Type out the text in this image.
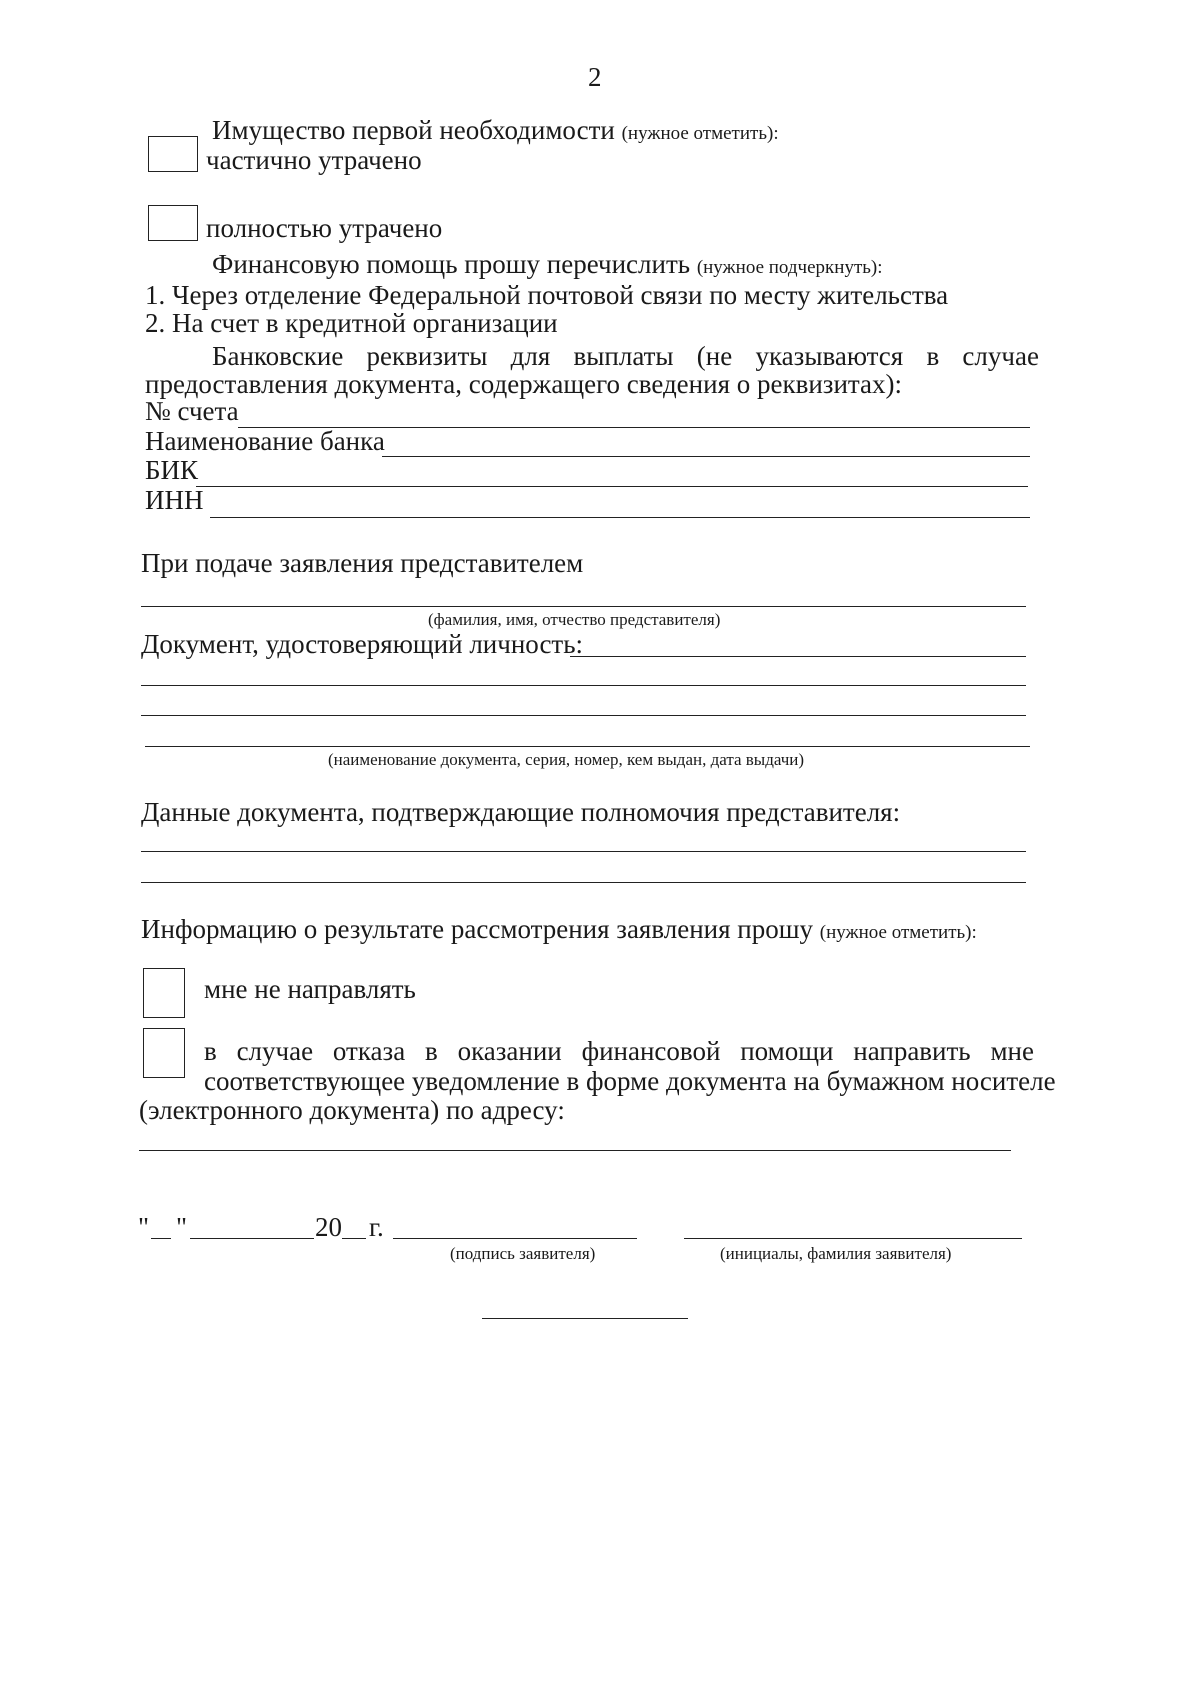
2
Имущество первой необходимости (нужное отметить):
частично утрачено
полностью утрачено
Финансовую помощь прошу перечислить (нужное подчеркнуть):
1. Через отделение Федеральной почтовой связи по месту жительства
2. На счет в кредитной организации
Банковские реквизиты для выплаты (не указываются в случае
предоставления документа, содержащего сведения о реквизитах):
№ счета
Наименование банка
БИК
ИНН
При подаче заявления представителем
(фамилия, имя, отчество представителя)
Документ, удостоверяющий личность:
(наименование документа, серия, номер, кем выдан, дата выдачи)
Данные документа, подтверждающие полномочия представителя:
Информацию о результате рассмотрения заявления прошу (нужное отметить):
мне не направлять
в случае отказа в оказании финансовой помощи направить мне
соответствующее уведомление в форме документа на бумажном носителе
(электронного документа) по адресу:
" "	20 г.
(подпись заявителя)	(инициалы, фамилия заявителя)
